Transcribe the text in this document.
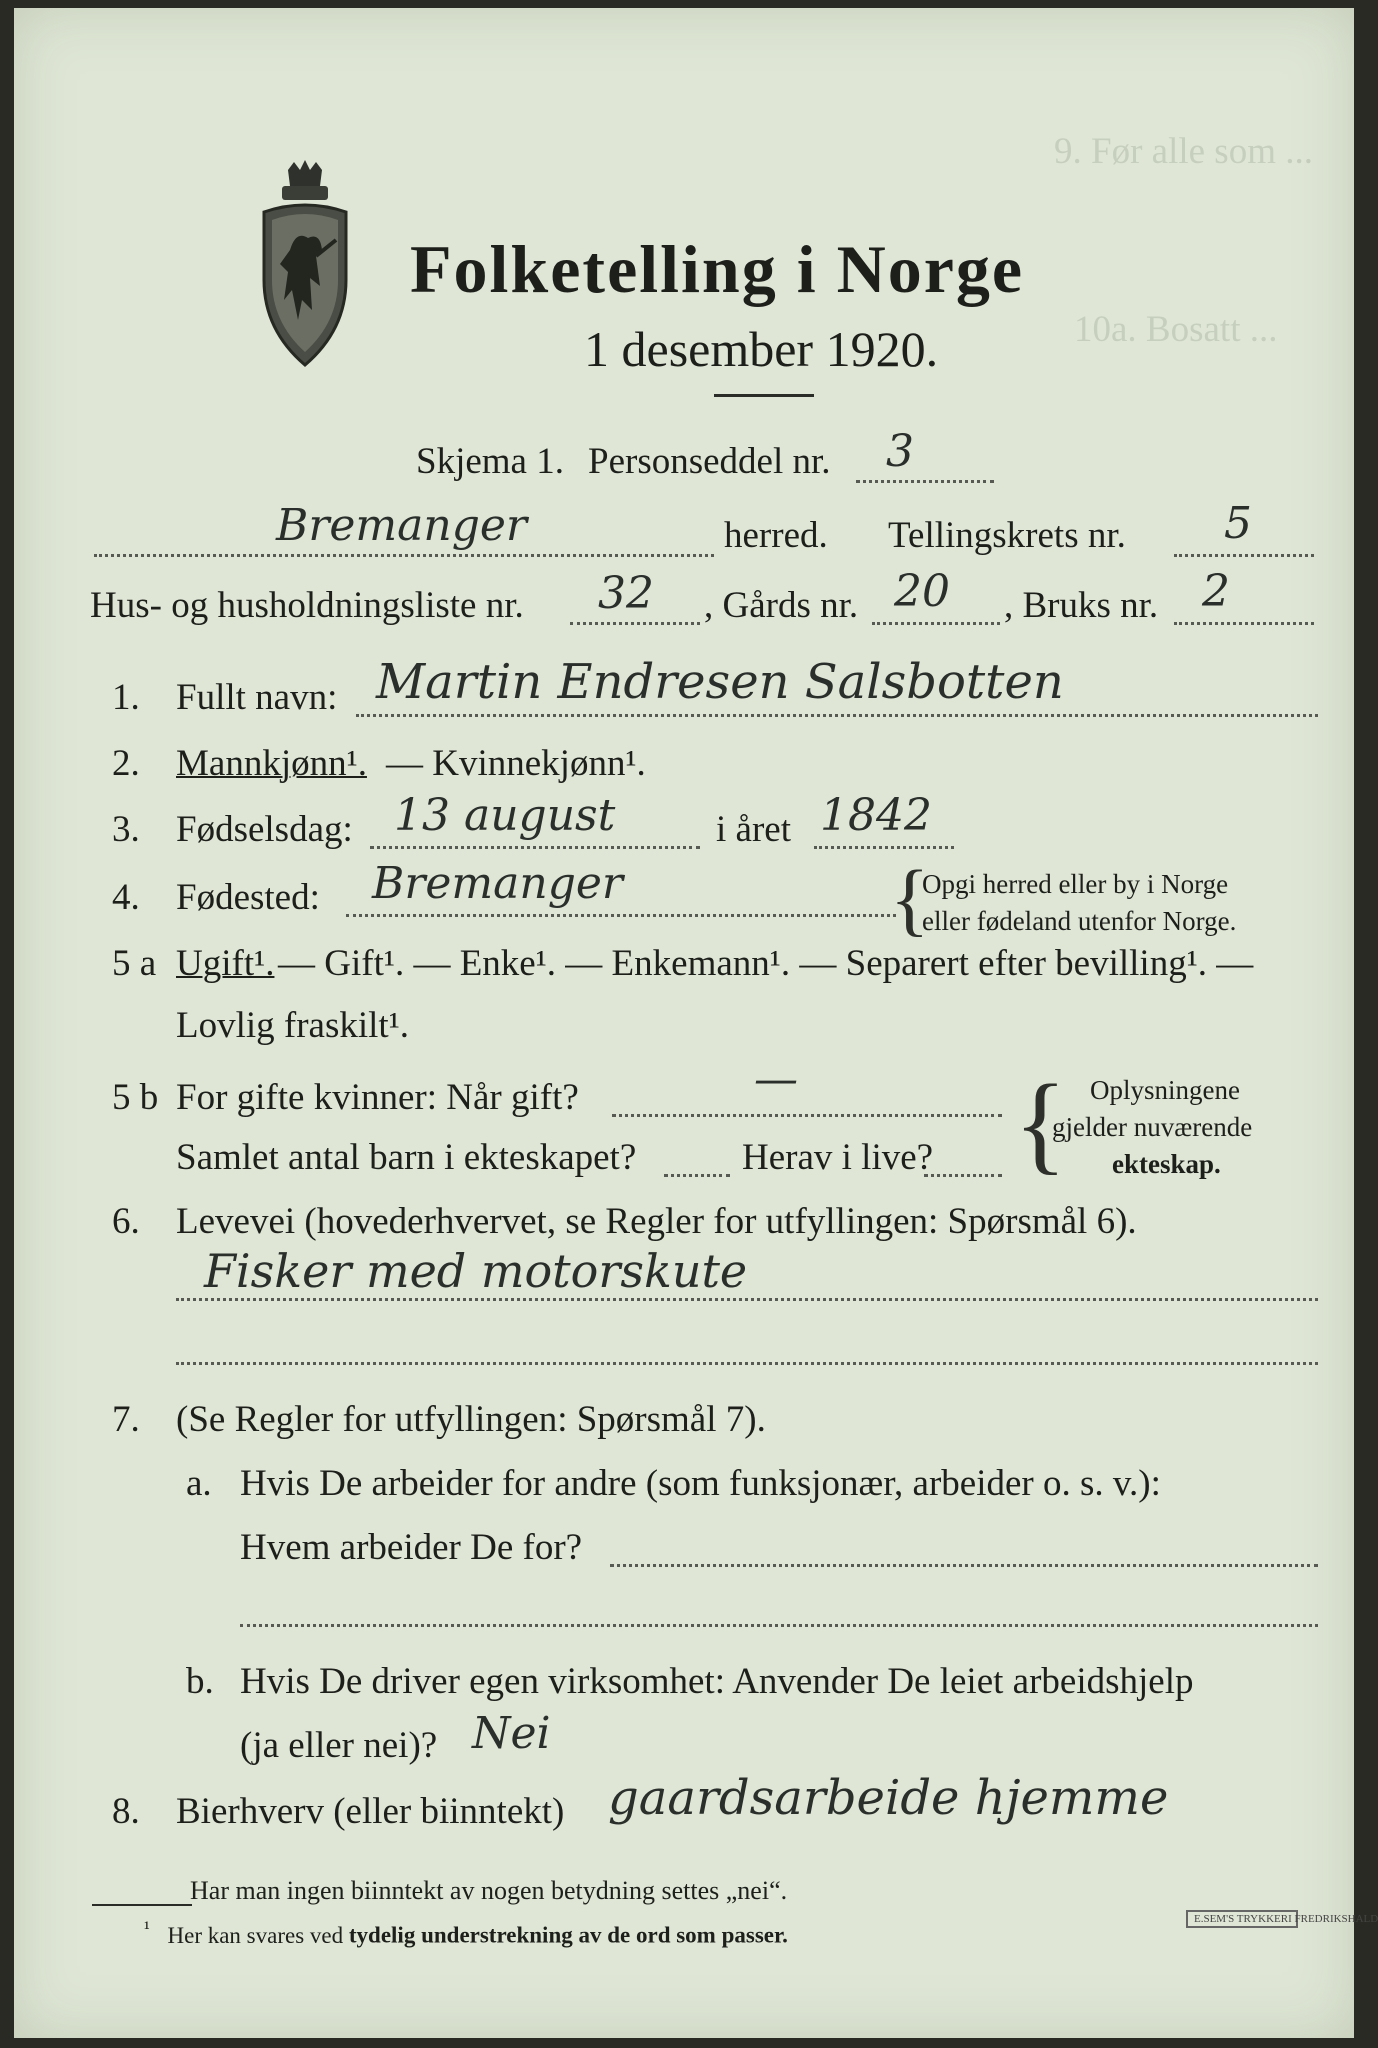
9. Før alle som ...
10a. Bosatt ...
Folketelling i Norge
1 desember 1920.
Skjema 1. Personseddel nr. 3
Bremanger	herred. Tellingskrets nr. 5
Hus- og husholdningsliste nr. 32 , Gårds nr. 20 , Bruks nr. 2
1. Fullt navn: Martin Endresen Salsbotten
2. Mannkjønn¹. — Kvinnekjønn¹.
3. Fødselsdag: 13 august	i året 1842
4. Fødested: Bremanger	{
Opgi herred eller by i Norge
eller fødeland utenfor Norge.
5 a Ugift¹. — Gift¹. — Enke¹. — Enkemann¹. — Separert efter bevilling¹. —
Lovlig fraskilt¹.
5 b For gifte kvinner: Når gift?	—
Samlet antal barn i ekteskapet?	Herav i live? { Oplysningene
gjelder nuværende
ekteskap.
6. Levevei (hovederhvervet, se Regler for utfyllingen: Spørsmål 6).
Fisker med motorskute
7. (Se Regler for utfyllingen: Spørsmål 7).
a. Hvis De arbeider for andre (som funksjonær, arbeider o. s. v.):
Hvem arbeider De for?
b. Hvis De driver egen virksomhet: Anvender De leiet arbeidshjelp
(ja eller nei)? Nei
8. Bierhverv (eller biinntekt) gaardsarbeide hjemme
Har man ingen biinntekt av nogen betydning settes „nei“.
$^{^1}$ Her kan svares ved tydelig understrekning av de ord som passer.
E.SEM'S TRYKKERI FREDRIKSHALD
